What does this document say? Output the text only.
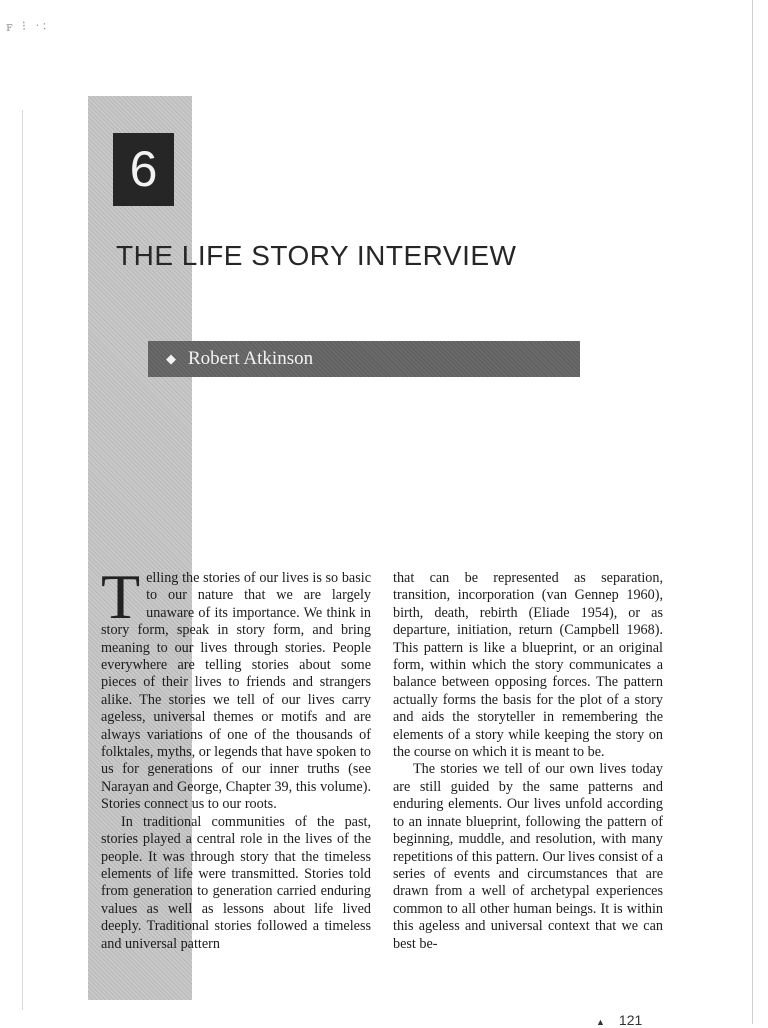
ꜰ ⁝ ·:
6
THE LIFE STORY INTERVIEW
◆ Robert Atkinson

Telling the stories of our lives is so basic to our nature that we are largely unaware of its importance. We think in story form, speak in story form, and bring meaning to our lives through stories. People everywhere are telling stories about some pieces of their lives to friends and strangers alike. The stories we tell of our lives carry ageless, universal themes or motifs and are always variations of one of the thousands of folktales, myths, or legends that have spoken to us for generations of our inner truths (see Narayan and George, Chapter 39, this volume). Stories connect us to our roots.

In traditional communities of the past, stories played a central role in the lives of the people. It was through story that the timeless elements of life were transmitted. Stories told from generation to generation carried enduring values as well as lessons about life lived deeply. Traditional stories followed a timeless and universal pattern

that can be represented as separation, transition, incorporation (van Gennep 1960), birth, death, rebirth (Eliade 1954), or as departure, initiation, return (Campbell 1968). This pattern is like a blueprint, or an original form, within which the story communicates a balance between opposing forces. The pattern actually forms the basis for the plot of a story and aids the storyteller in remembering the elements of a story while keeping the story on the course on which it is meant to be.

The stories we tell of our own lives today are still guided by the same patterns and enduring elements. Our lives unfold according to an innate blueprint, following the pattern of beginning, muddle, and resolution, with many repetitions of this pattern. Our lives consist of a series of events and circumstances that are drawn from a well of archetypal experiences common to all other human beings. It is within this ageless and universal context that we can best be-

▲ 121
